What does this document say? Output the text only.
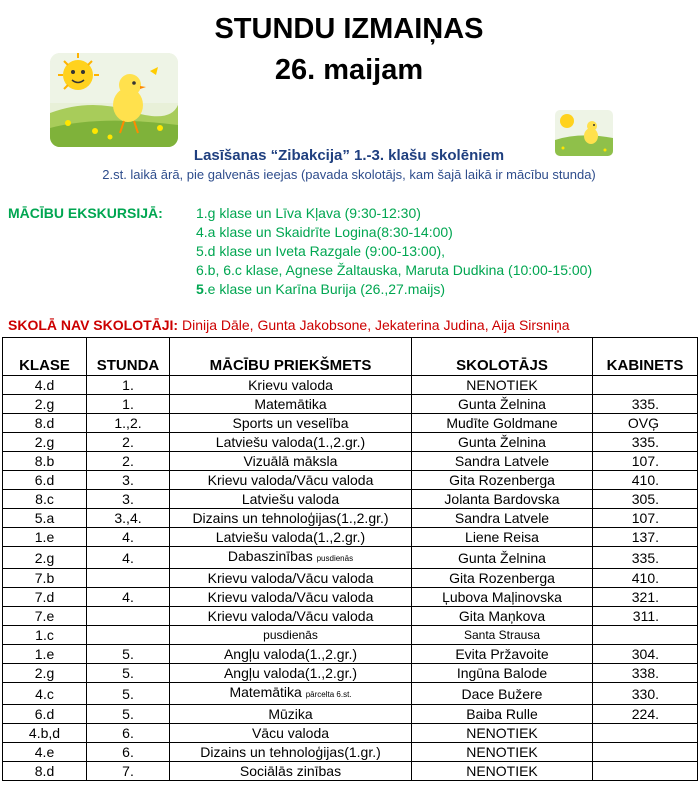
STUNDU IZMAIŅAS
26. maijam
Lasīšanas “Zibakcija” 1.-3. klašu skolēniem
2.st. laikā ārā, pie galvenās ieejas (pavada skolotājs, kam šajā laikā ir mācību stunda)
MĀCĪBU EKSKURSIJĀ: 1.g klase un Līva Kļava (9:30-12:30)
4.a klase un Skaidrīte Logina(8:30-14:00)
5.d klase un Iveta Razgale (9:00-13:00),
6.b, 6.c klase, Agnese Žaltauska, Maruta Dudkina (10:00-15:00)
5.e klase un Karīna Burija (26.,27.maijs)
SKOLĀ NAV SKOLOTĀJI: Dinija Dāle, Gunta Jakobsone, Jekaterina Judina, Aija Sirsniņa
KLASE	STUNDA	MĀCĪBU PRIEKŠMETS	SKOLOTĀJS	KABINETS
4.d	1.	Krievu valoda	NENOTIEK	
2.g	1.	Matemātika	Gunta Želnina	335.
8.d	1.,2.	Sports un veselība	Mudīte Goldmane	OVĢ
2.g	2.	Latviešu valoda(1.,2.gr.)	Gunta Želnina	335.
8.b	2.	Vizuālā māksla	Sandra Latvele	107.
6.d	3.	Krievu valoda/Vācu valoda	Gita Rozenberga	410.
8.c	3.	Latviešu valoda	Jolanta Bardovska	305.
5.a	3.,4.	Dizains un tehnoloģijas(1.,2.gr.)	Sandra Latvele	107.
1.e	4.	Latviešu valoda(1.,2.gr.)	Liene Reisa	137.
2.g	4.	Dabaszinības pusdienās	Gunta Želnina	335.
7.b		Krievu valoda/Vācu valoda	Gita Rozenberga	410.
7.d	4.	Krievu valoda/Vācu valoda	Ļubova Maļinovska	321.
7.e		Krievu valoda/Vācu valoda	Gita Maņkova	311.
1.c		pusdienās	Santa Strausa	
1.e	5.	Angļu valoda(1.,2.gr.)	Evita Pržavoite	304.
2.g	5.	Angļu valoda(1.,2.gr.)	Ingūna Balode	338.
4.c	5.	Matemātika pārcelta 6.st.	Dace Bužere	330.
6.d	5.	Mūzika	Baiba Rulle	224.
4.b,d	6.	Vācu valoda	NENOTIEK	
4.e	6.	Dizains un tehnoloģijas(1.gr.)	NENOTIEK	
8.d	7.	Sociālās zinības	NENOTIEK	
